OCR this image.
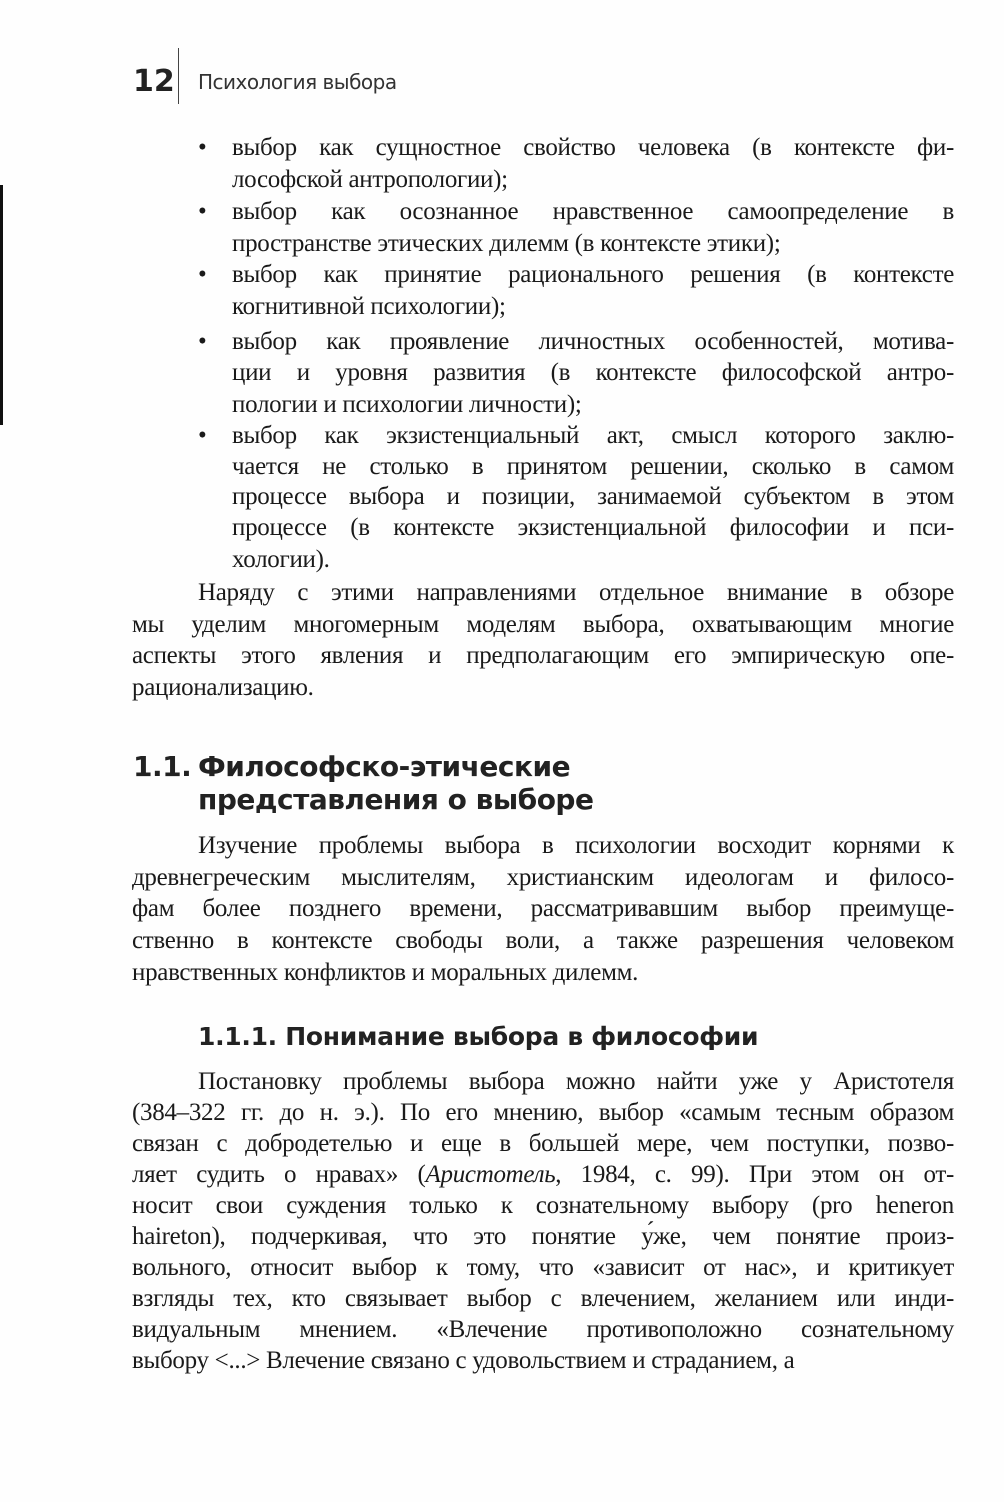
12 Психология выбора
1.1. Философско-этические
представления о выборе
1.1.1. Понимание выбора в философии
• выбор как сущностное свойство человека (в контексте фи-
лософской антропологии);
• выбор как осознанное нравственное самоопределение в
пространстве этических дилемм (в контексте этики);
• выбор как принятие рационального решения (в контексте
когнитивной психологии);
• выбор как проявление личностных особенностей, мотива-
ции и уровня развития (в контексте философской антро-
пологии и психологии личности);
• выбор как экзистенциальный акт, смысл которого заклю-
чается не столько в принятом решении, сколько в самом
процессе выбора и позиции, занимаемой субъектом в этом
процессе (в контексте экзистенциальной философии и пси-
хологии).
Наряду с этими направлениями отдельное внимание в обзоре
мы уделим многомерным моделям выбора, охватывающим многие
аспекты этого явления и предполагающим его эмпирическую опе-
рационализацию.
Изучение проблемы выбора в психологии восходит корнями к
древнегреческим мыслителям, христианским идеологам и филосо-
фам более позднего времени, рассматривавшим выбор преимуще-
ственно в контексте свободы воли, а также разрешения человеком
нравственных конфликтов и моральных дилемм.
Постановку проблемы выбора можно найти уже у Аристотеля
(384–322 гг. до н. э.). По его мнению, выбор «самым тесным образом
связан с добродетелью и еще в большей мере, чем поступки, позво-
ляет судить о нравах» (Аристотель, 1984, с. 99). При этом он от-
носит свои суждения только к сознательному выбору (pro heneron
haireton), подчеркивая, что это понятие у́же, чем понятие произ-
вольного, относит выбор к тому, что «зависит от нас», и критикует
взгляды тех, кто связывает выбор с влечением, желанием или инди-
видуальным мнением. «Влечение противоположно сознательному
выбору <...> Влечение связано с удовольствием и страданием, а
